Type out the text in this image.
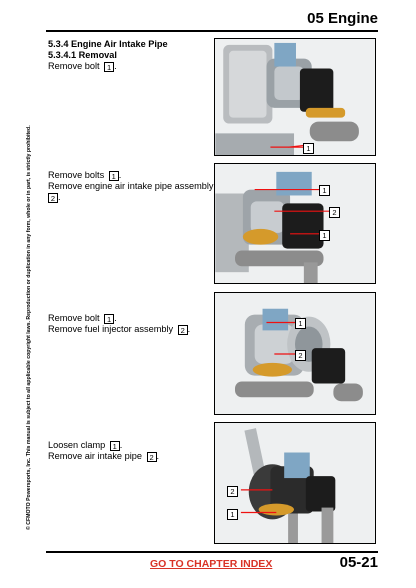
05 Engine
© CFMOTO Powersports, Inc. This manual is subject to all applicable copyright laws. Reproduction or duplication in any form, whole or in part, is strictly prohibited.
5.3.4 Engine Air Intake Pipe
5.3.4.1 Removal
Remove bolt 1 .
1
Remove bolts 1 .
Remove engine air intake pipe assembly
2 .
1
2
1
Remove bolt 1 .
Remove fuel injector assembly 2 .
1
2
Loosen clamp 1 .
Remove air intake pipe 2 .
2
1
GO TO CHAPTER INDEX	05-21
